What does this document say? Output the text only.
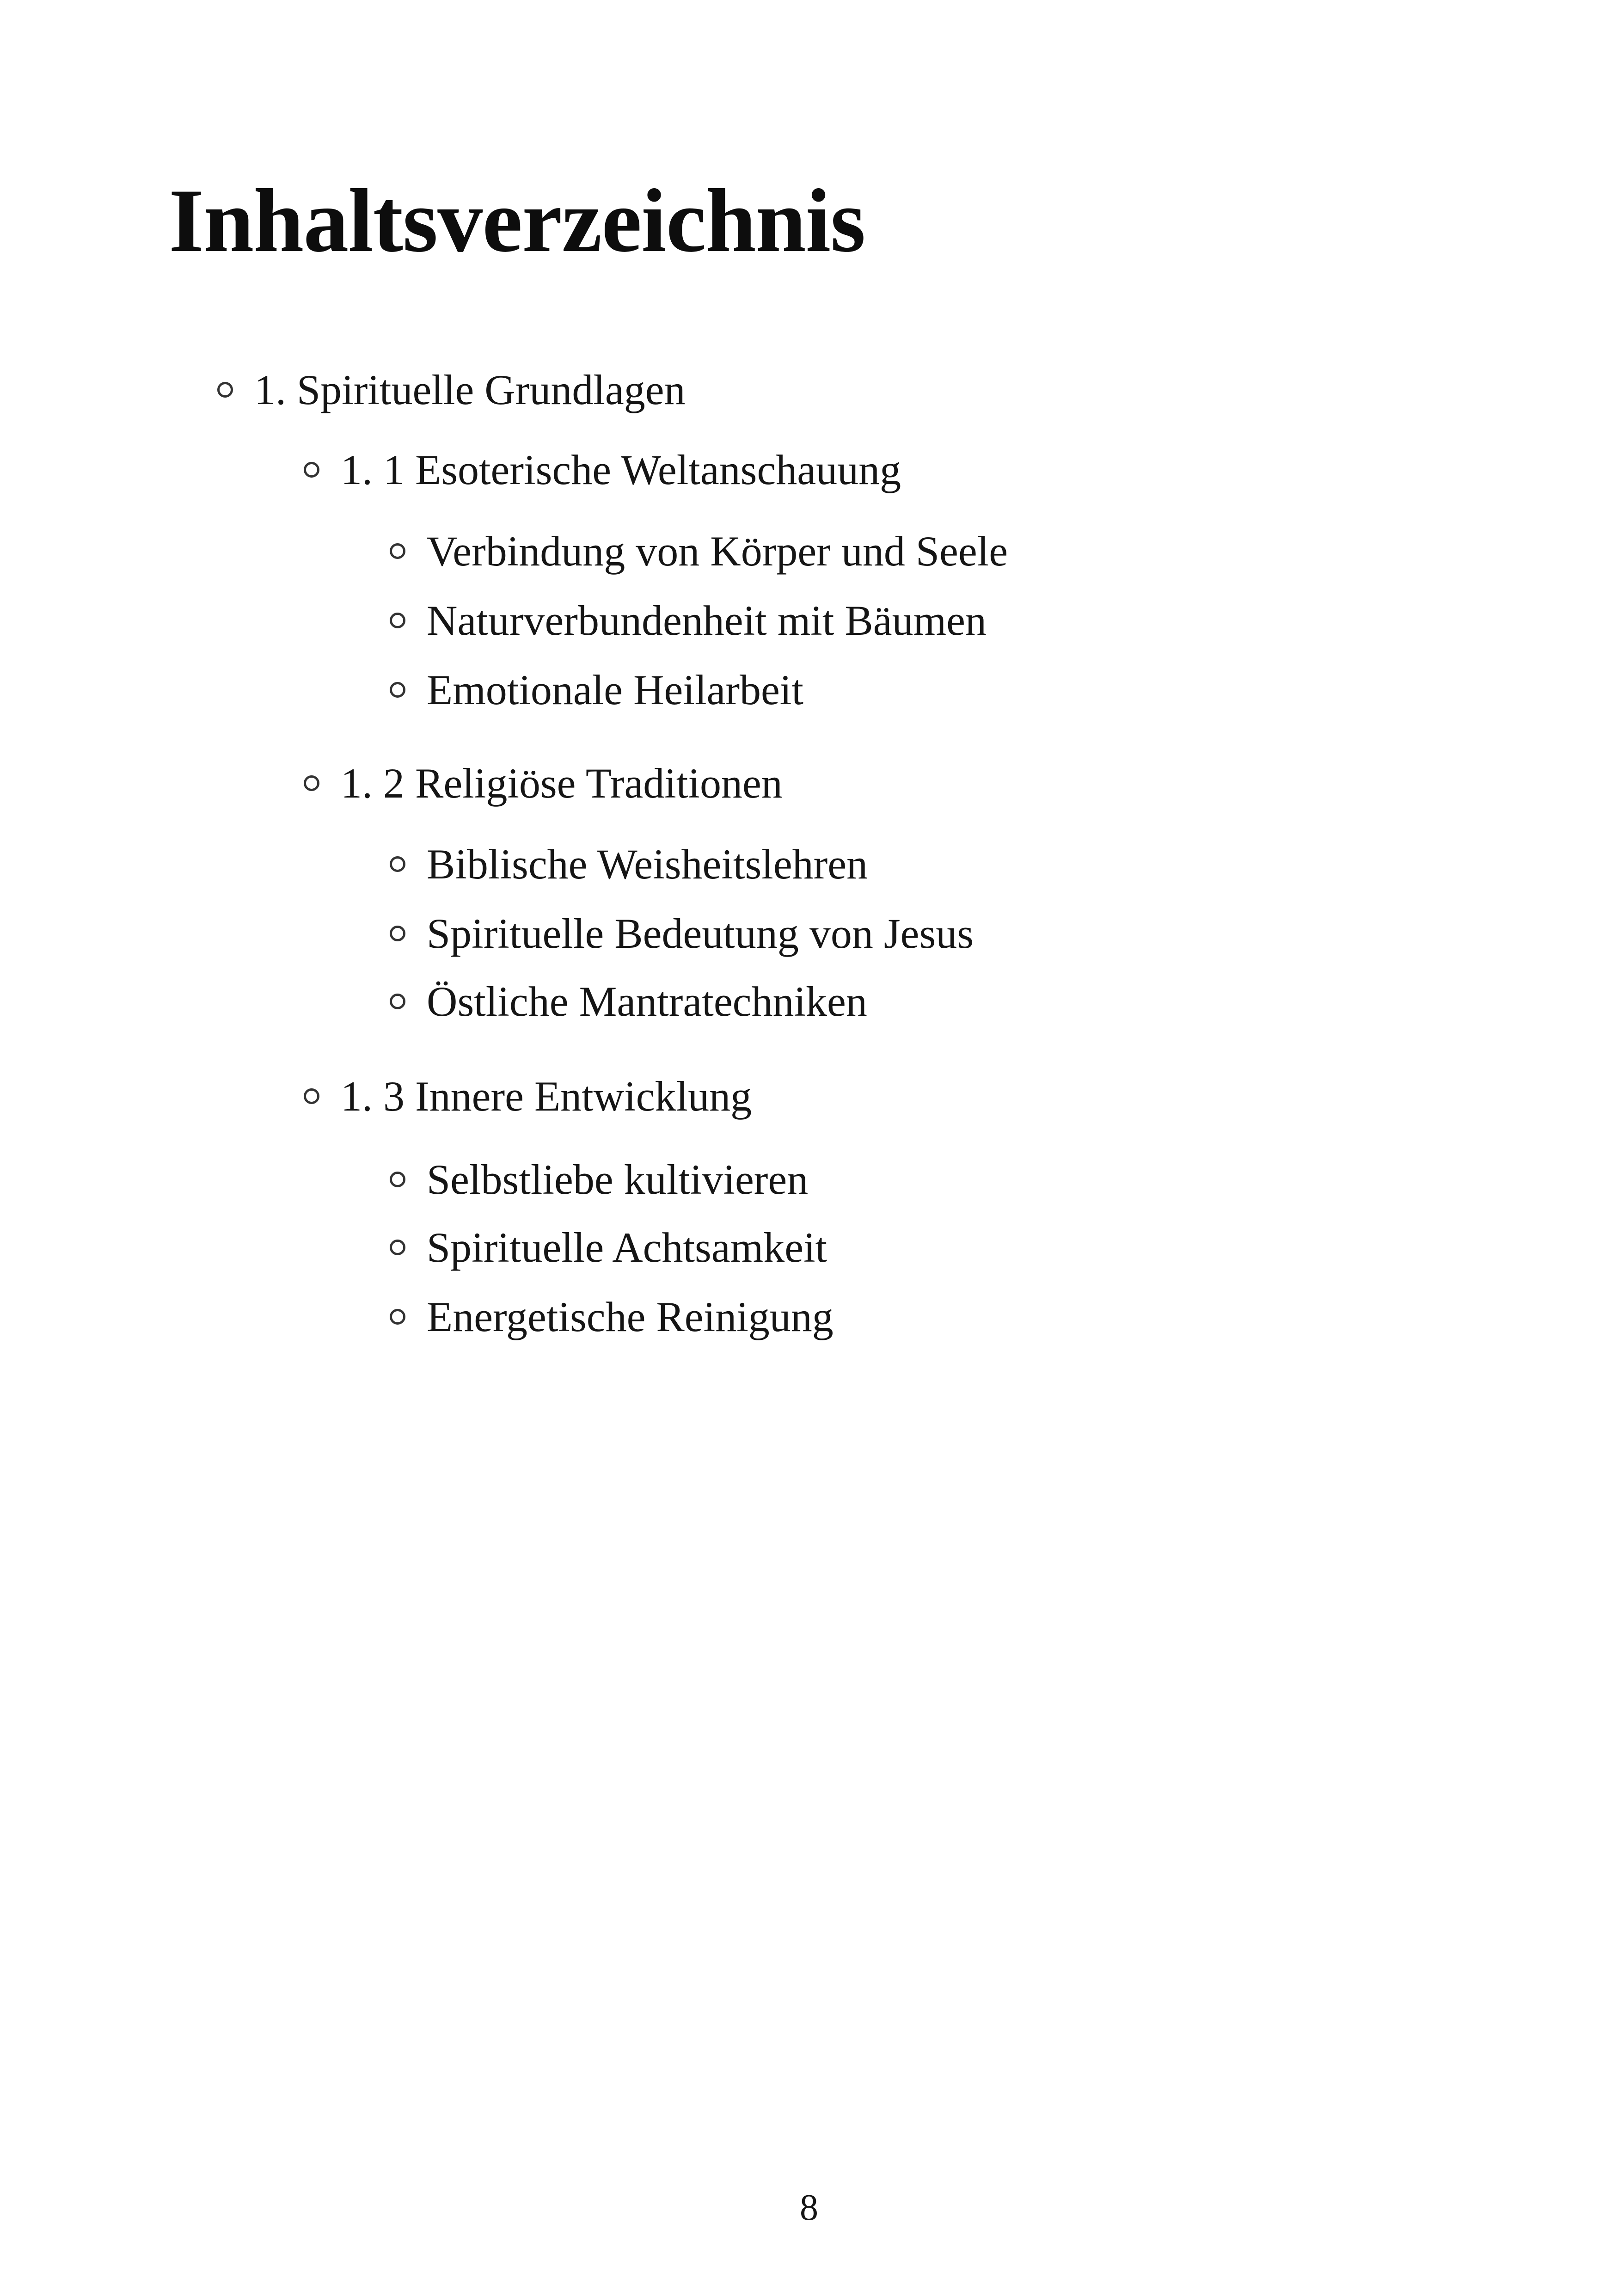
Inhaltsverzeichnis
1. Spirituelle Grundlagen
1. 1 Esoterische Weltanschauung
Verbindung von Körper und Seele
Naturverbundenheit mit Bäumen
Emotionale Heilarbeit
1. 2 Religiöse Traditionen
Biblische Weisheitslehren
Spirituelle Bedeutung von Jesus
Östliche Mantratechniken
1. 3 Innere Entwicklung
Selbstliebe kultivieren
Spirituelle Achtsamkeit
Energetische Reinigung
8
